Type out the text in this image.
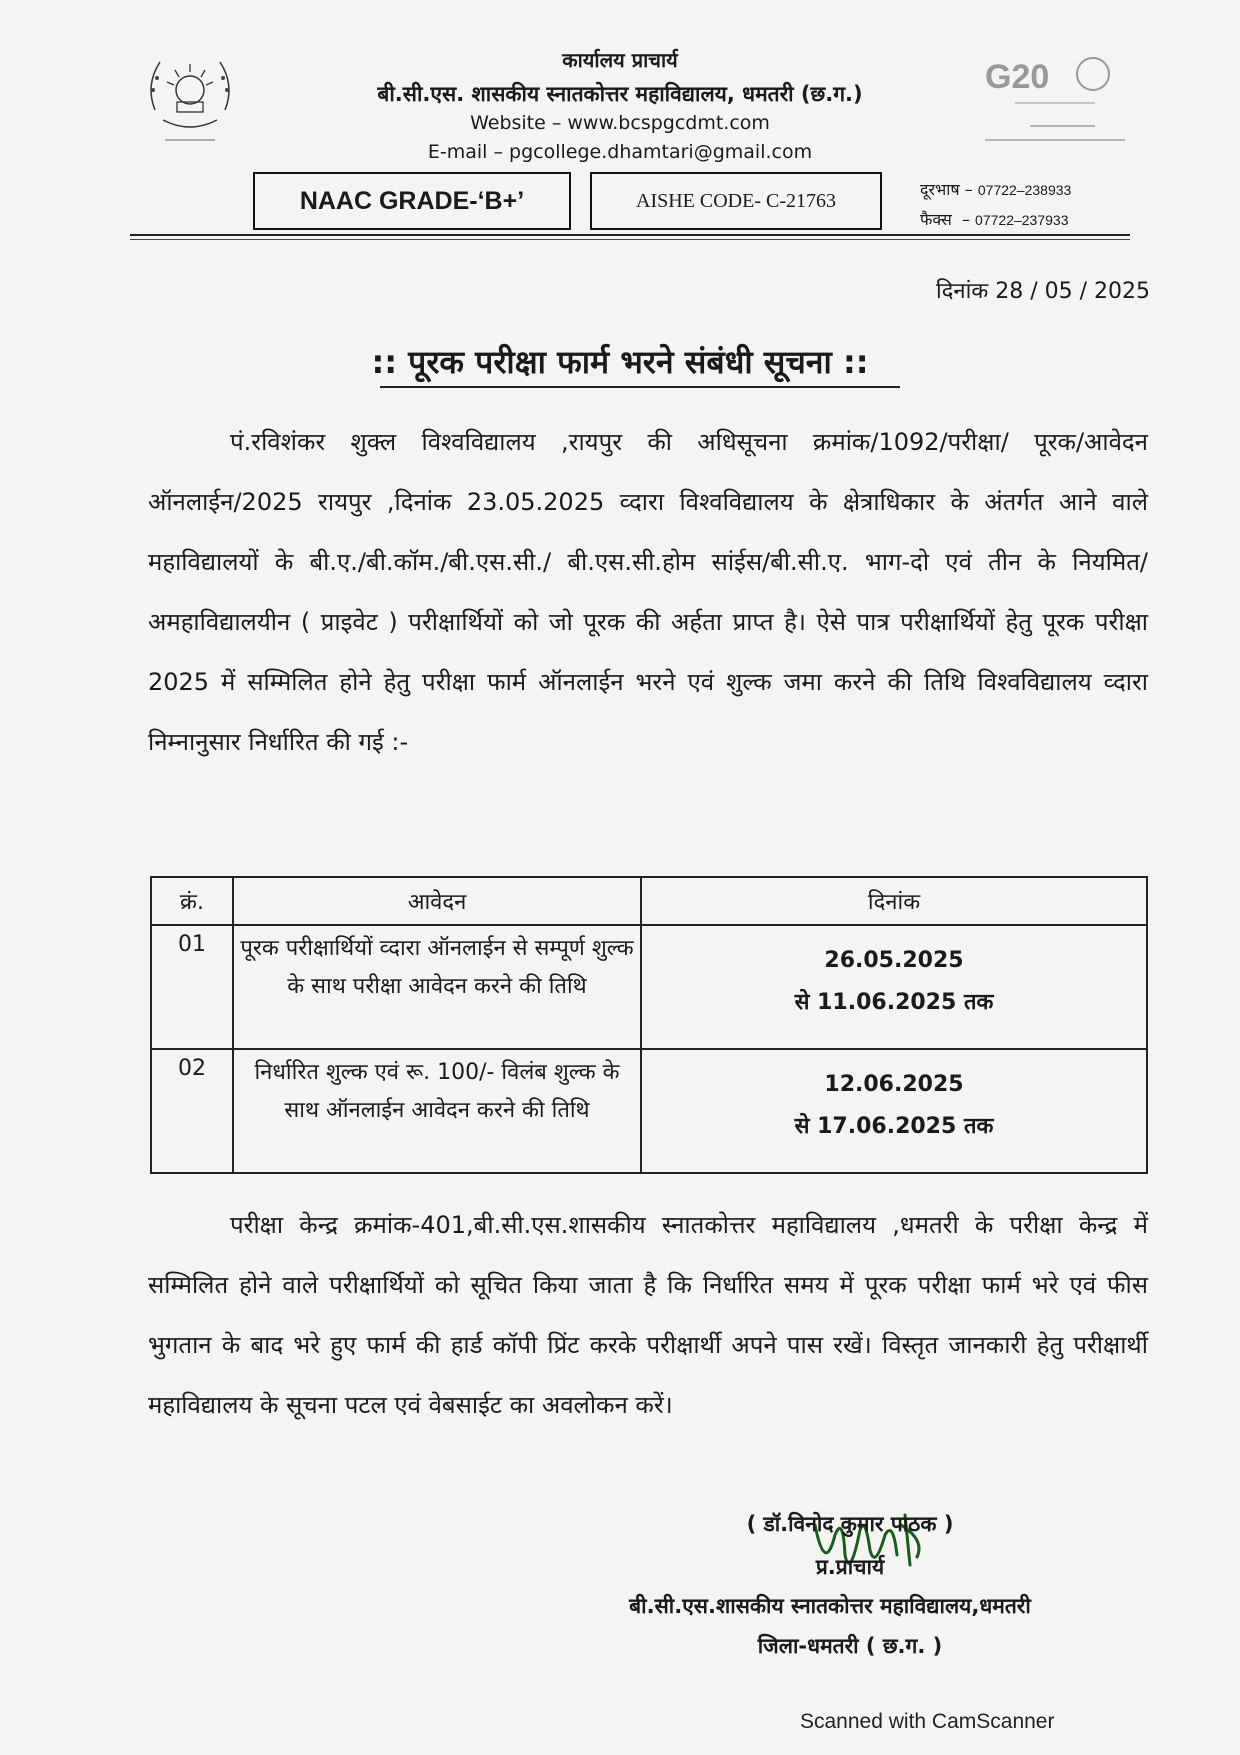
G20
कार्यालय प्राचार्य
बी.सी.एस. शासकीय स्नातकोत्तर महाविद्यालय, धमतरी (छ.ग.)
Website – www.bcspgcdmt.com
E-mail – pgcollege.dhamtari@gmail.com
NAAC GRADE-‘B+’	AISHE CODE- C-21763	दूरभाष – 07722–238933
फैक्स  – 07722–237933
दिनांक 28 / 05 / 2025
:: पूरक परीक्षा फार्म भरने संबंधी सूचना ::
पं.रविशंकर शुक्ल विश्वविद्यालय ,रायपुर की अधिसूचना क्रमांक/1092/परीक्षा/ पूरक/आवेदन ऑनलाईन/2025 रायपुर ,दिनांक 23.05.2025 व्दारा विश्वविद्यालय के क्षेत्राधिकार के अंतर्गत आने वाले महाविद्यालयों के बी.ए./बी.कॉम./बी.एस.सी./ बी.एस.सी.होम सांईस/बी.सी.ए. भाग-दो एवं तीन के नियमित/अमहाविद्यालयीन ( प्राइवेट ) परीक्षार्थियों को जो पूरक की अर्हता प्राप्त है। ऐसे पात्र परीक्षार्थियों हेतु पूरक परीक्षा 2025 में सम्मिलित होने हेतु परीक्षा फार्म ऑनलाईन भरने एवं शुल्क जमा करने की तिथि विश्वविद्यालय व्दारा निम्नानुसार निर्धारित की गई :-
क्रं.	आवेदन	दिनांक
01	पूरक परीक्षार्थियों व्दारा ऑनलाईन से सम्पूर्ण शुल्क के साथ परीक्षा आवेदन करने की तिथि	26.05.2025
से 11.06.2025 तक

02	निर्धारित शुल्क एवं रू. 100/- विलंब शुल्क के साथ ऑनलाईन आवेदन करने की तिथि	12.06.2025
से 17.06.2025 तक
परीक्षा केन्द्र क्रमांक-401,बी.सी.एस.शासकीय स्नातकोत्तर महाविद्यालय ,धमतरी के परीक्षा केन्द्र में सम्मिलित होने वाले परीक्षार्थियों को सूचित किया जाता है कि निर्धारित समय में पूरक परीक्षा फार्म भरे एवं फीस भुगतान के बाद भरे हुए फार्म की हार्ड कॉपी प्रिंट करके परीक्षार्थी अपने पास रखें। विस्तृत जानकारी हेतु परीक्षार्थी महाविद्यालय के सूचना पटल एवं वेबसाईट का अवलोकन करें।
( डॉ.विनोद कुमार पाठक )
प्र.प्राचार्य
बी.सी.एस.शासकीय स्नातकोत्तर महाविद्यालय,धमतरी
जिला-धमतरी ( छ.ग. )
Scanned with CamScanner
